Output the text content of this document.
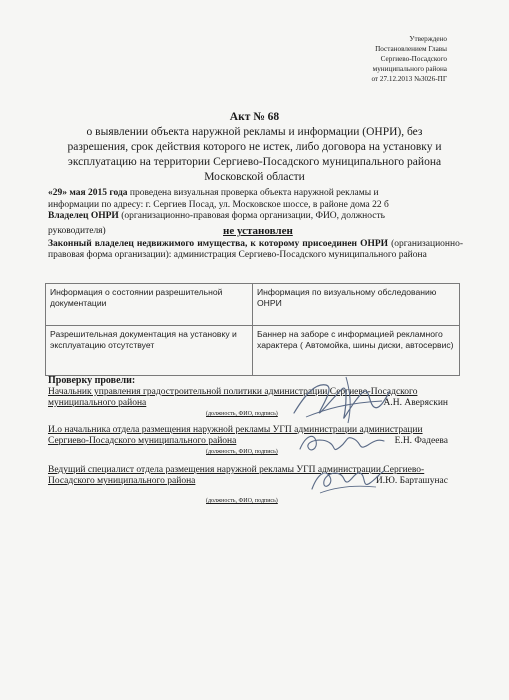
Утверждено
Постановлением Главы
Сергиево-Посадского
муниципального района
от 27.12.2013 №3026-ПГ
Акт № 68
о выявлении объекта наружной рекламы и информации (ОНРИ), без
разрешения, срок действия которого не истек, либо договора на установку и
эксплуатацию на территории Сергиево-Посадского муниципального района
Московской области
«29» мая 2015 года проведена визуальная проверка объекта наружной рекламы и
информации по адресу: г. Сергиев Посад, ул. Московское шоссе, в районе дома 22 б
Владелец ОНРИ (организационно-правовая форма организации, ФИО, должность
руководителя)	не установлен
Законный владелец недвижимого имущества, к которому присоединен ОНРИ (организационно-правовая форма организации): администрация Сергиево-Посадского муниципального района
Информация о состоянии разрешительной документации	Информация по визуальному обследованию ОНРИ
Разрешительная документация на установку и эксплуатацию отсутствует	Баннер на заборе с информацией рекламного характера ( Автомойка, шины диски, автосервис)
Проверку провели:
Начальник управления градостроительной политики администрации Сергиево-Посадского
муниципального района	А.Н. Аверяскин
(должность, ФИО, подпись)
И.о начальника отдела размещения наружной рекламы УГП администрации администрации
Сергиево-Посадского муниципального района	Е.Н. Фадеева
(должность, ФИО, подпись)
Ведущий специалист отдела размещения наружной рекламы УГП администрации Сергиево-
Посадского муниципального района	И.Ю. Барташунас
(должность, ФИО, подпись)
